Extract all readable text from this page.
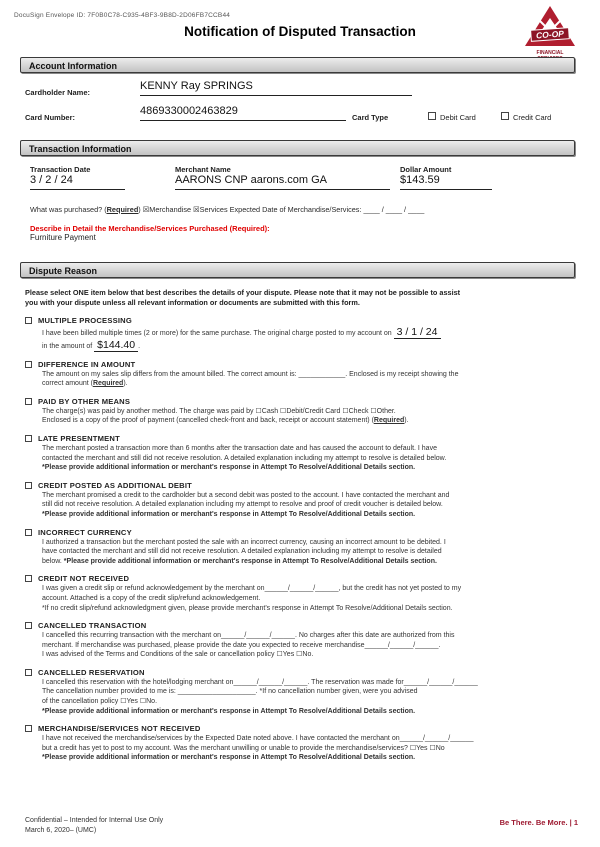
DocuSign Envelope ID: 7F0B0C78-C935-4BF3-9B8D-2D06FB7CCB44
CO-OP
FINANCIAL
Notification of Disputed Transaction
Account Information
Cardholder Name:
KENNY Ray SPRINGS
Card Number:
4869330002463829
Card Type	Debit Card	Credit Card
Transaction Information
Transaction Date	Merchant Name	Dollar Amount
3 / 2 / 24	AARONS CNP aarons.com GA	$143.59
What was purchased? (Required) ☒Merchandise ☒Services Expected Date of Merchandise/Services: ____ / ____ / ____
Describe in Detail the Merchandise/Services Purchased (Required):
Furniture Payment
Dispute Reason
Please select ONE item below that best describes the details of your dispute. Please note that it may not be possible to assist
you with your dispute unless all relevant information or documents are submitted with this form.
MULTIPLE PROCESSING
I have been billed multiple times (2 or more) for the same purchase. The original charge posted to my account on 3 / 1 / 24
in the amount of $144.40 .
DIFFERENCE IN AMOUNT
The amount on my sales slip differs from the amount billed. The correct amount is: ____________. Enclosed is my receipt showing the
correct amount (Required).
PAID BY OTHER MEANS
The charge(s) was paid by another method. The charge was paid by ☐Cash ☐Debit/Credit Card ☐Check ☐Other.
Enclosed is a copy of the proof of payment (cancelled check-front and back, receipt or account statement) (Required).
LATE PRESENTMENT
The merchant posted a transaction more than 6 months after the transaction date and has caused the account to default. I have
contacted the merchant and still did not receive resolution. A detailed explanation including my attempt to resolve is detailed below.
*Please provide additional information or merchant's response in Attempt To Resolve/Additional Details section.
CREDIT POSTED AS ADDITIONAL DEBIT
The merchant promised a credit to the cardholder but a second debit was posted to the account. I have contacted the merchant and
still did not receive resolution. A detailed explanation including my attempt to resolve and proof of credit voucher is detailed below.
*Please provide additional information or merchant's response in Attempt To Resolve/Additional Details section.
INCORRECT CURRENCY
I authorized a transaction but the merchant posted the sale with an incorrect currency, causing an incorrect amount to be debited. I
have contacted the merchant and still did not receive resolution. A detailed explanation including my attempt to resolve is detailed
below. *Please provide additional information or merchant's response in Attempt To Resolve/Additional Details section.
CREDIT NOT RECEIVED
I was given a credit slip or refund acknowledgement by the merchant on______/______/______, but the credit has not yet posted to my
account. Attached is a copy of the credit slip/refund acknowledgement.
*If no credit slip/refund acknowledgment given, please provide merchant's response in Attempt To Resolve/Additional Details section.
CANCELLED TRANSACTION
I cancelled this recurring transaction with the merchant on______/______/______. No charges after this date are authorized from this
merchant. If merchandise was purchased, please provide the date you expected to receive merchandise______/______/______.
I was advised of the Terms and Conditions of the sale or cancellation policy ☐Yes ☐No.
CANCELLED RESERVATION
I cancelled this reservation with the hotel/lodging merchant on______/______/______. The reservation was made for______/______/______
The cancellation number provided to me is: ____________________. *If no cancellation number given, were you advised
of the cancellation policy ☐Yes ☐No.
*Please provide additional information or merchant's response in Attempt To Resolve/Additional Details section.
MERCHANDISE/SERVICES NOT RECEIVED
I have not received the merchandise/services by the Expected Date noted above. I have contacted the merchant on______/______/______
but a credit has yet to post to my account. Was the merchant unwilling or unable to provide the merchandise/services? ☐Yes ☐No
*Please provide additional information or merchant's response in Attempt To Resolve/Additional Details section.
Confidential – Intended for Internal Use Only
March 6, 2020– (UMC)
Be There. Be More. | 1
